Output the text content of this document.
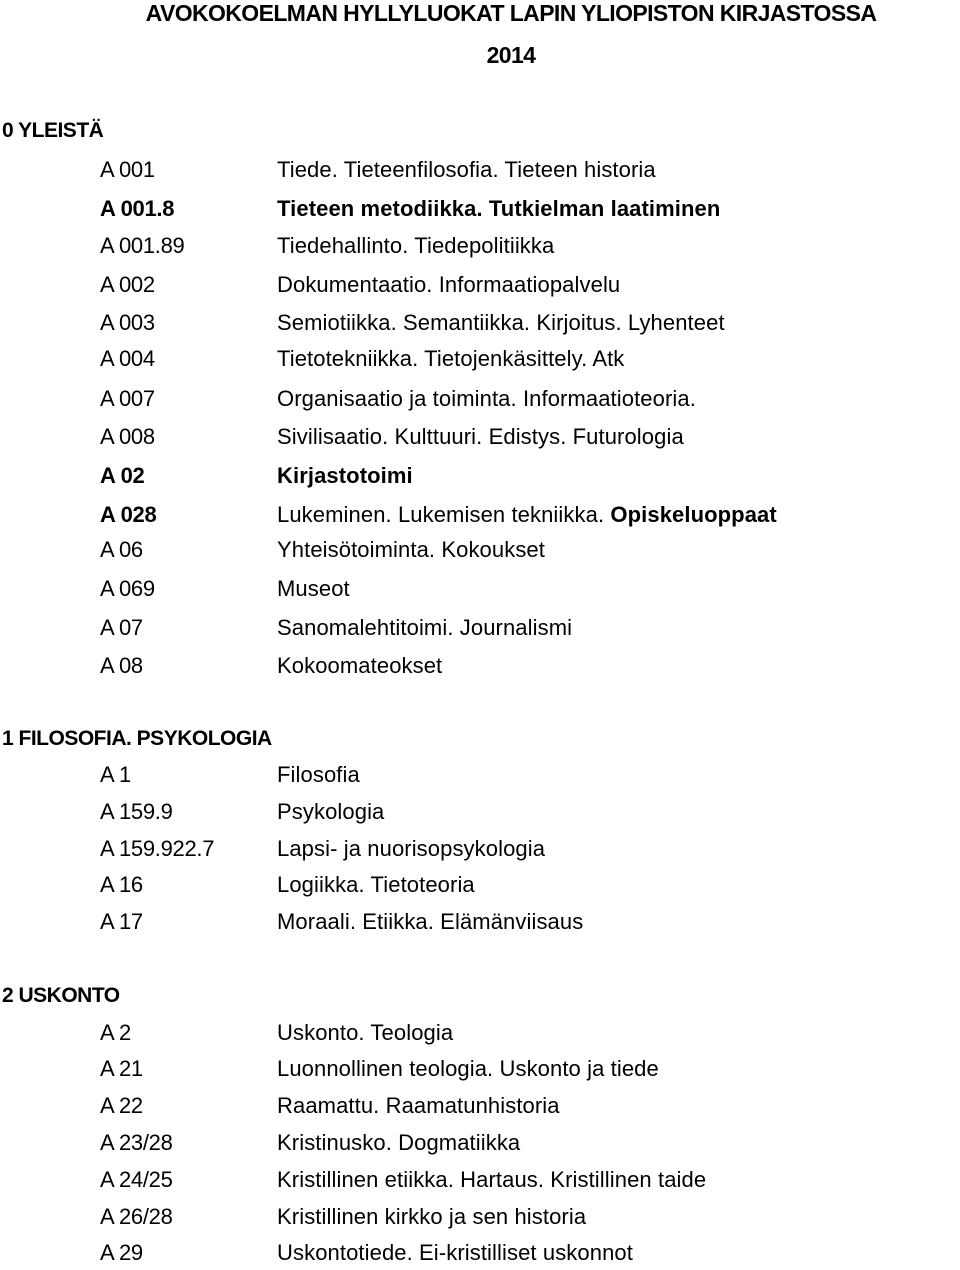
AVOKOKOELMAN HYLLYLUOKAT LAPIN YLIOPISTON KIRJASTOSSA
2014
0 YLEISTÄ
A 001	Tiede. Tieteenfilosofia. Tieteen historia
A 001.8	Tieteen metodiikka. Tutkielman laatiminen
A 001.89	Tiedehallinto. Tiedepolitiikka
A 002	Dokumentaatio. Informaatiopalvelu
A 003	Semiotiikka. Semantiikka. Kirjoitus. Lyhenteet
A 004	Tietotekniikka. Tietojenkäsittely. Atk
A 007	Organisaatio ja toiminta. Informaatioteoria.
A 008	Sivilisaatio. Kulttuuri. Edistys. Futurologia
A 02	Kirjastotoimi
A 028	Lukeminen. Lukemisen tekniikka. Opiskeluoppaat
A 06	Yhteisötoiminta. Kokoukset
A 069	Museot
A 07	Sanomalehtitoimi. Journalismi
A 08	Kokoomateokset
1 FILOSOFIA. PSYKOLOGIA
A 1	Filosofia
A 159.9	Psykologia
A 159.922.7	Lapsi- ja nuorisopsykologia
A 16	Logiikka. Tietoteoria
A 17	Moraali. Etiikka. Elämänviisaus
2 USKONTO
A 2	Uskonto. Teologia
A 21	Luonnollinen teologia. Uskonto ja tiede
A 22	Raamattu. Raamatunhistoria
A 23/28	Kristinusko. Dogmatiikka
A 24/25	Kristillinen etiikka. Hartaus. Kristillinen taide
A 26/28	Kristillinen kirkko ja sen historia
A 29	Uskontotiede. Ei-kristilliset uskonnot
